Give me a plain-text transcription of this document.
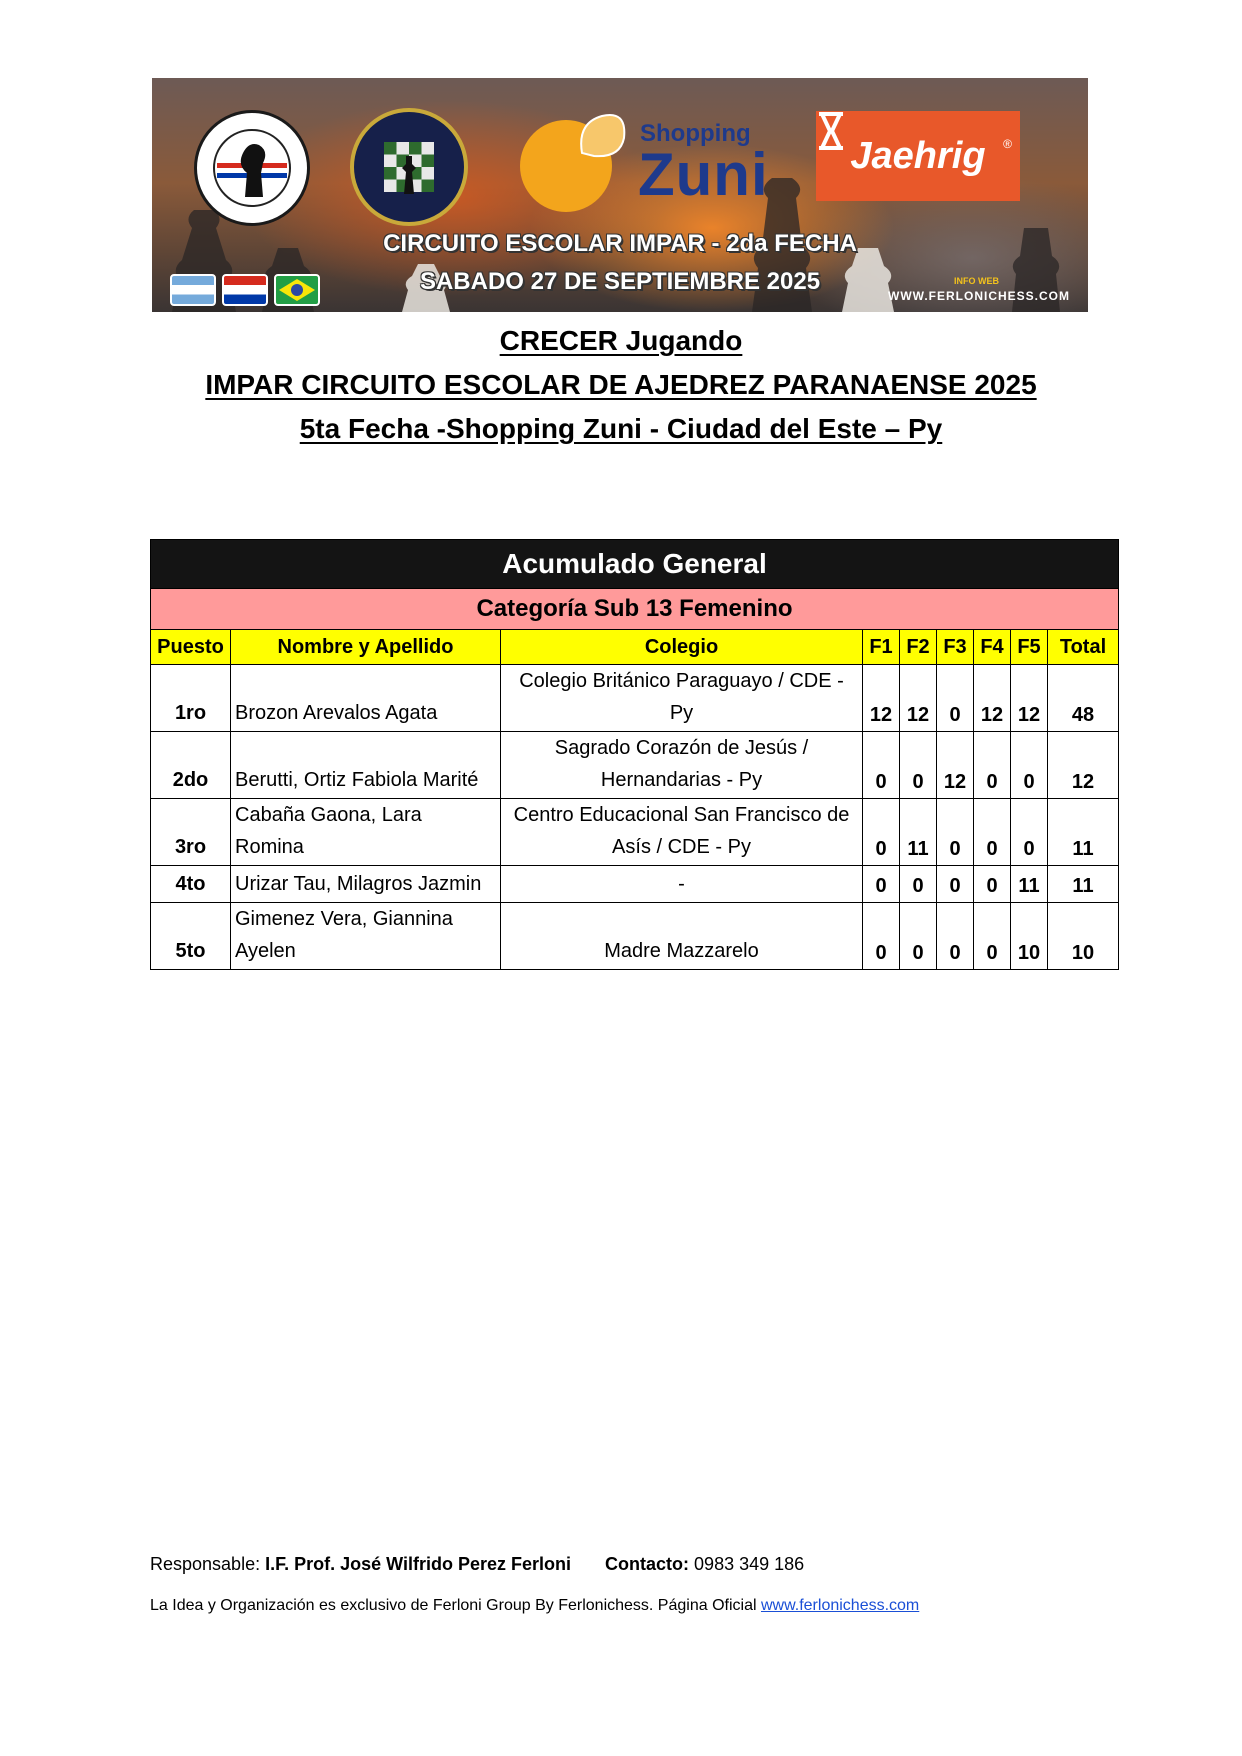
Shopping
Zuni Jaehrig ®
CIRCUITO ESCOLAR IMPAR - 2da FECHA
SABADO 27 DE SEPTIEMBRE 2025	INFO WEB
WWW.FERLONICHESS.COM
CRECER Jugando
IMPAR CIRCUITO ESCOLAR DE AJEDREZ PARANAENSE 2025
5ta Fecha -Shopping Zuni - Ciudad del Este – Py
Acumulado General								
Categoría Sub 13 Femenino								
Puesto	Nombre y Apellido	Colegio	F1	F2	F3	F4	F5	Total
1ro	Brozon Arevalos Agata	Colegio Británico Paraguayo / CDE - Py	12	12	0	12	12	48
2do	Berutti, Ortiz Fabiola Marité	Sagrado Corazón de Jesús / Hernandarias - Py	0	0	12	0	0	12
3ro	Cabaña Gaona, Lara Romina	Centro Educacional San Francisco de Asís / CDE - Py	0	11	0	0	0	11
4to	Urizar Tau, Milagros Jazmin	-	0	0	0	0	11	11
5to	Gimenez Vera, Giannina Ayelen	Madre Mazzarelo	0	0	0	0	10	10
Responsable: I.F. Prof. José Wilfrido Perez Ferloni Contacto: 0983 349 186
La Idea y Organización es exclusivo de Ferloni Group By Ferlonichess. Página Oficial www.ferlonichess.com
